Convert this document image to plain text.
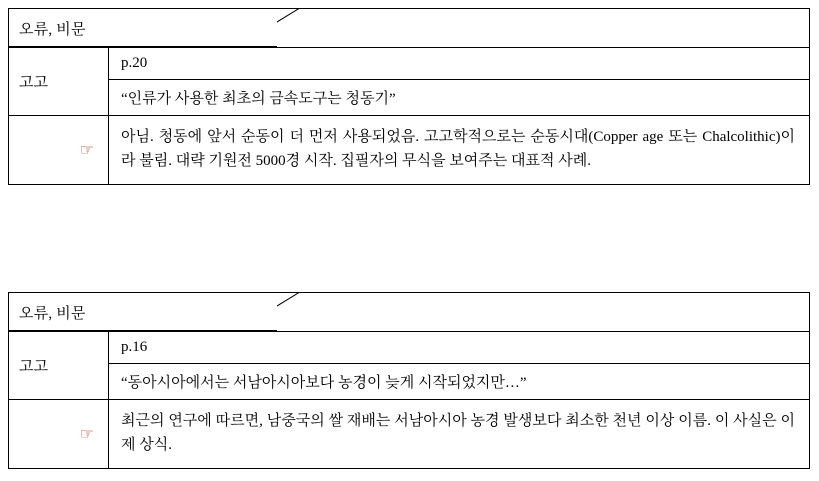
오류, 비문
고고
p.20
“인류가 사용한 최초의 금속도구는 청동기”
☞
아님. 청동에 앞서 순동이 더 먼저 사용되었음. 고고학적으로는 순동시대(Copper age 또는 Chalcolithic)이라 불림. 대략 기원전 5000경 시작. 집필자의 무식을 보여주는 대표적 사례.
오류, 비문
고고
p.16
“동아시아에서는 서남아시아보다 농경이 늦게 시작되었지만…”
☞
최근의 연구에 따르면, 남중국의 쌀 재배는 서남아시아 농경 발생보다 최소한 천년 이상 이름. 이 사실은 이제 상식.
